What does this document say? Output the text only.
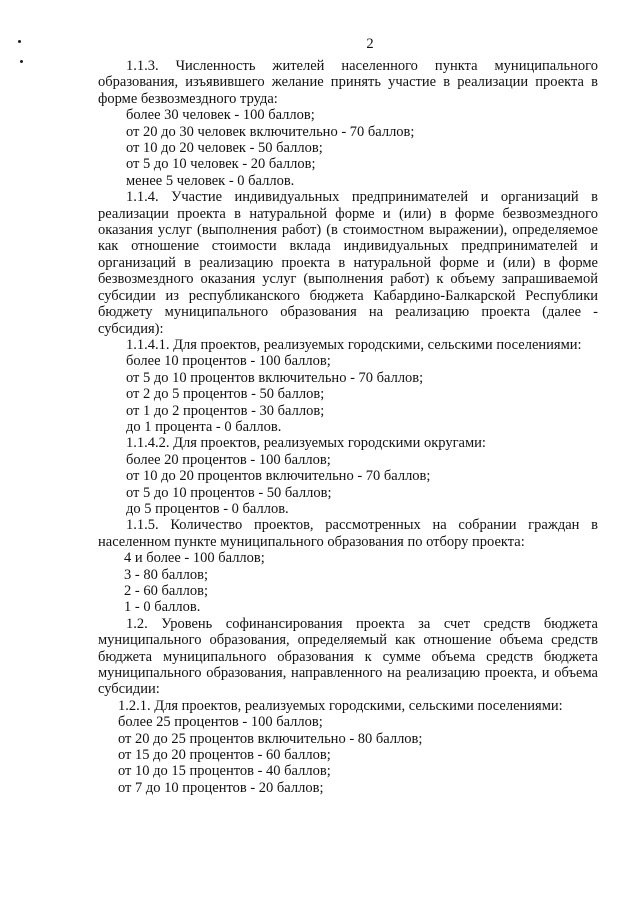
2
1.1.3. Численность жителей населенного пункта муниципального образования, изъявившего желание принять участие в реализации проекта в форме безвозмездного труда:
более 30 человек - 100 баллов;
от 20 до 30 человек включительно - 70 баллов;
от 10 до 20 человек - 50 баллов;
от 5 до 10 человек - 20 баллов;
менее 5 человек - 0 баллов.
1.1.4. Участие индивидуальных предпринимателей и организаций в реализации проекта в натуральной форме и (или) в форме безвозмездного оказания услуг (выполнения работ) (в стоимостном выражении), определяемое как отношение стоимости вклада индивидуальных предпринимателей и организаций в реализацию проекта в натуральной форме и (или) в форме безвозмездного оказания услуг (выполнения работ) к объему запрашиваемой субсидии из республиканского бюджета Кабардино-Балкарской Республики бюджету муниципального образования на реализацию проекта (далее - субсидия):
1.1.4.1. Для проектов, реализуемых городскими, сельскими поселениями:
более 10 процентов - 100 баллов;
от 5 до 10 процентов включительно - 70 баллов;
от 2 до 5 процентов - 50 баллов;
от 1 до 2 процентов - 30 баллов;
до 1 процента - 0 баллов.
1.1.4.2. Для проектов, реализуемых городскими округами:
более 20 процентов - 100 баллов;
от 10 до 20 процентов включительно - 70 баллов;
от 5 до 10 процентов - 50 баллов;
до 5 процентов - 0 баллов.
1.1.5. Количество проектов, рассмотренных на собрании граждан в населенном пункте муниципального образования по отбору проекта:
4 и более - 100 баллов;
3 - 80 баллов;
2 - 60 баллов;
1 - 0 баллов.
1.2. Уровень софинансирования проекта за счет средств бюджета муниципального образования, определяемый как отношение объема средств бюджета муниципального образования к сумме объема средств бюджета муниципального образования, направленного на реализацию проекта, и объема субсидии:
1.2.1. Для проектов, реализуемых городскими, сельскими поселениями:
более 25 процентов - 100 баллов;
от 20 до 25 процентов включительно - 80 баллов;
от 15 до 20 процентов - 60 баллов;
от 10 до 15 процентов - 40 баллов;
от 7 до 10 процентов - 20 баллов;
